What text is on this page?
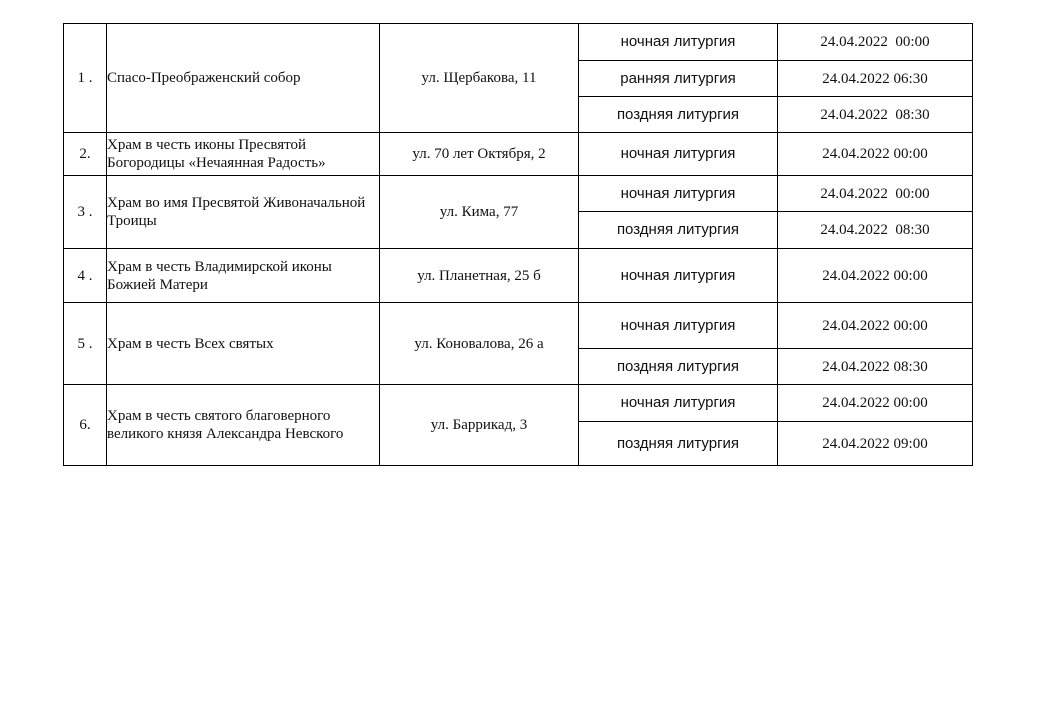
1 .	Спасо-Преображенский собор	ул. Щербакова, 11	ночная литургия	24.04.2022  00:00
			ранняя литургия	24.04.2022 06:30
			поздняя литургия	24.04.2022  08:30
2.	Храм в честь иконы Пресвятой
Богородицы «Нечаянная Радость»	ул. 70 лет Октября, 2	ночная литургия	24.04.2022 00:00
3 .	Храм во имя Пресвятой Живоначальной
Троицы	ул. Кима, 77	ночная литургия	24.04.2022  00:00
			поздняя литургия	24.04.2022  08:30
4 .	Храм в честь Владимирской иконы
Божией Матери	ул. Планетная, 25 б	ночная литургия	24.04.2022 00:00
5 .	Храм в честь Всех святых	ул. Коновалова, 26 а	ночная литургия	24.04.2022 00:00
			поздняя литургия	24.04.2022 08:30
6.	Храм в честь святого благоверного
великого князя Александра Невского	ул. Баррикад, 3	ночная литургия	24.04.2022 00:00
			поздняя литургия	24.04.2022 09:00
